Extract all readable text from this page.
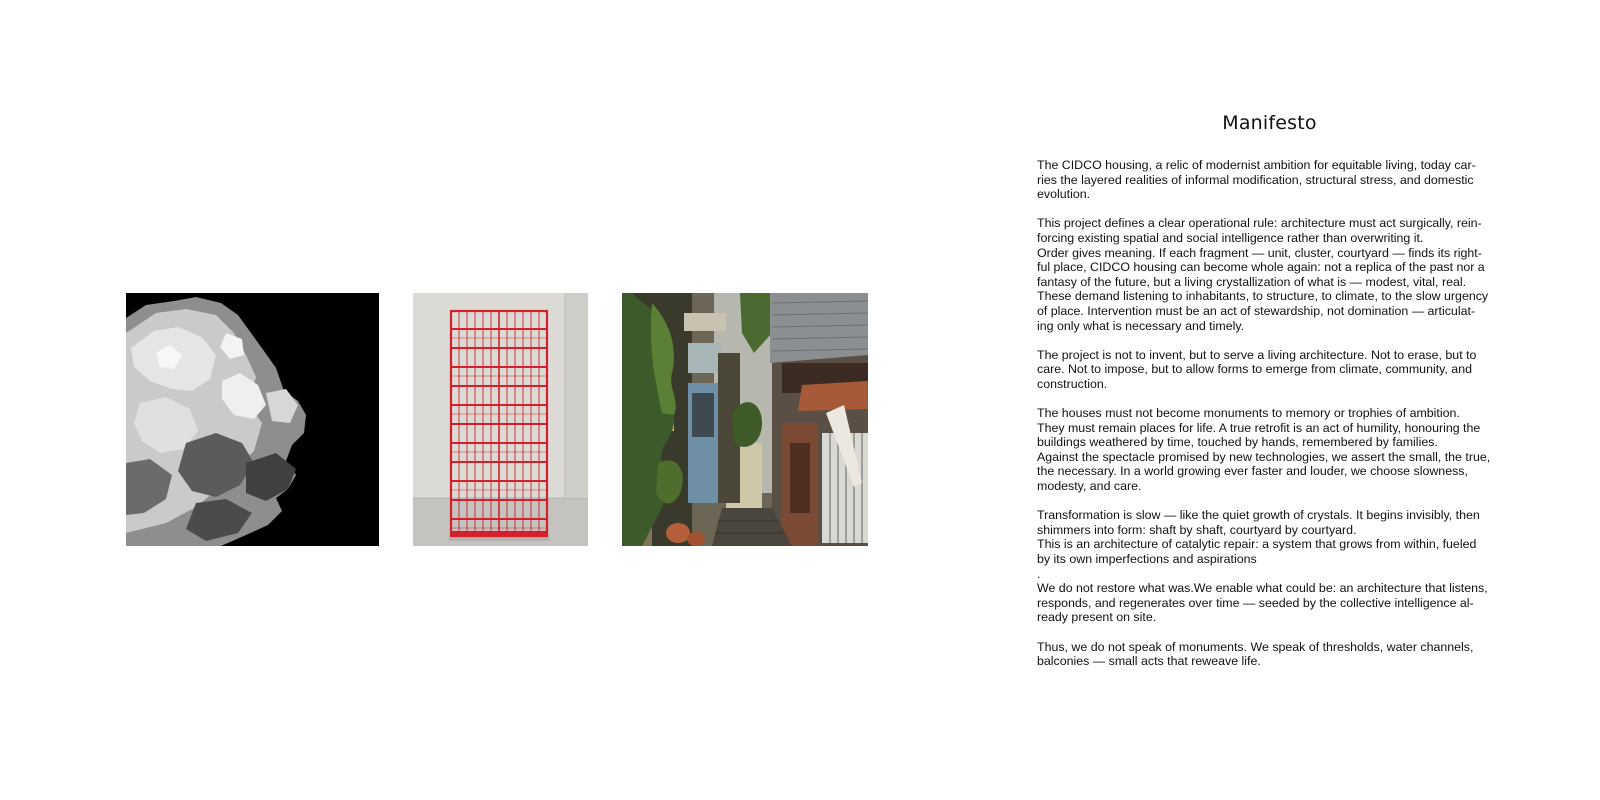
Manifesto

The CIDCO housing, a relic of modernist ambition for equitable living, today car-
ries the layered realities of informal modification, structural stress, and domestic
evolution.

This project defines a clear operational rule: architecture must act surgically, rein-
forcing existing spatial and social intelligence rather than overwriting it.
Order gives meaning. If each fragment — unit, cluster, courtyard — finds its right-
ful place, CIDCO housing can become whole again: not a replica of the past nor a
fantasy of the future, but a living crystallization of what is — modest, vital, real.
These demand listening to inhabitants, to structure, to climate, to the slow urgency
of place. Intervention must be an act of stewardship, not domination — articulat-
ing only what is necessary and timely.

The project is not to invent, but to serve a living architecture. Not to erase, but to
care. Not to impose, but to allow forms to emerge from climate, community, and
construction.

The houses must not become monuments to memory or trophies of ambition.
They must remain places for life. A true retrofit is an act of humility, honouring the
buildings weathered by time, touched by hands, remembered by families.
Against the spectacle promised by new technologies, we assert the small, the true,
the necessary. In a world growing ever faster and louder, we choose slowness,
modesty, and care.

Transformation is slow — like the quiet growth of crystals. It begins invisibly, then
shimmers into form: shaft by shaft, courtyard by courtyard.
This is an architecture of catalytic repair: a system that grows from within, fueled
by its own imperfections and aspirations

.

We do not restore what was.We enable what could be: an architecture that listens,
responds, and regenerates over time — seeded by the collective intelligence al-
ready present on site.

Thus, we do not speak of monuments. We speak of thresholds, water channels,
balconies — small acts that reweave life.
